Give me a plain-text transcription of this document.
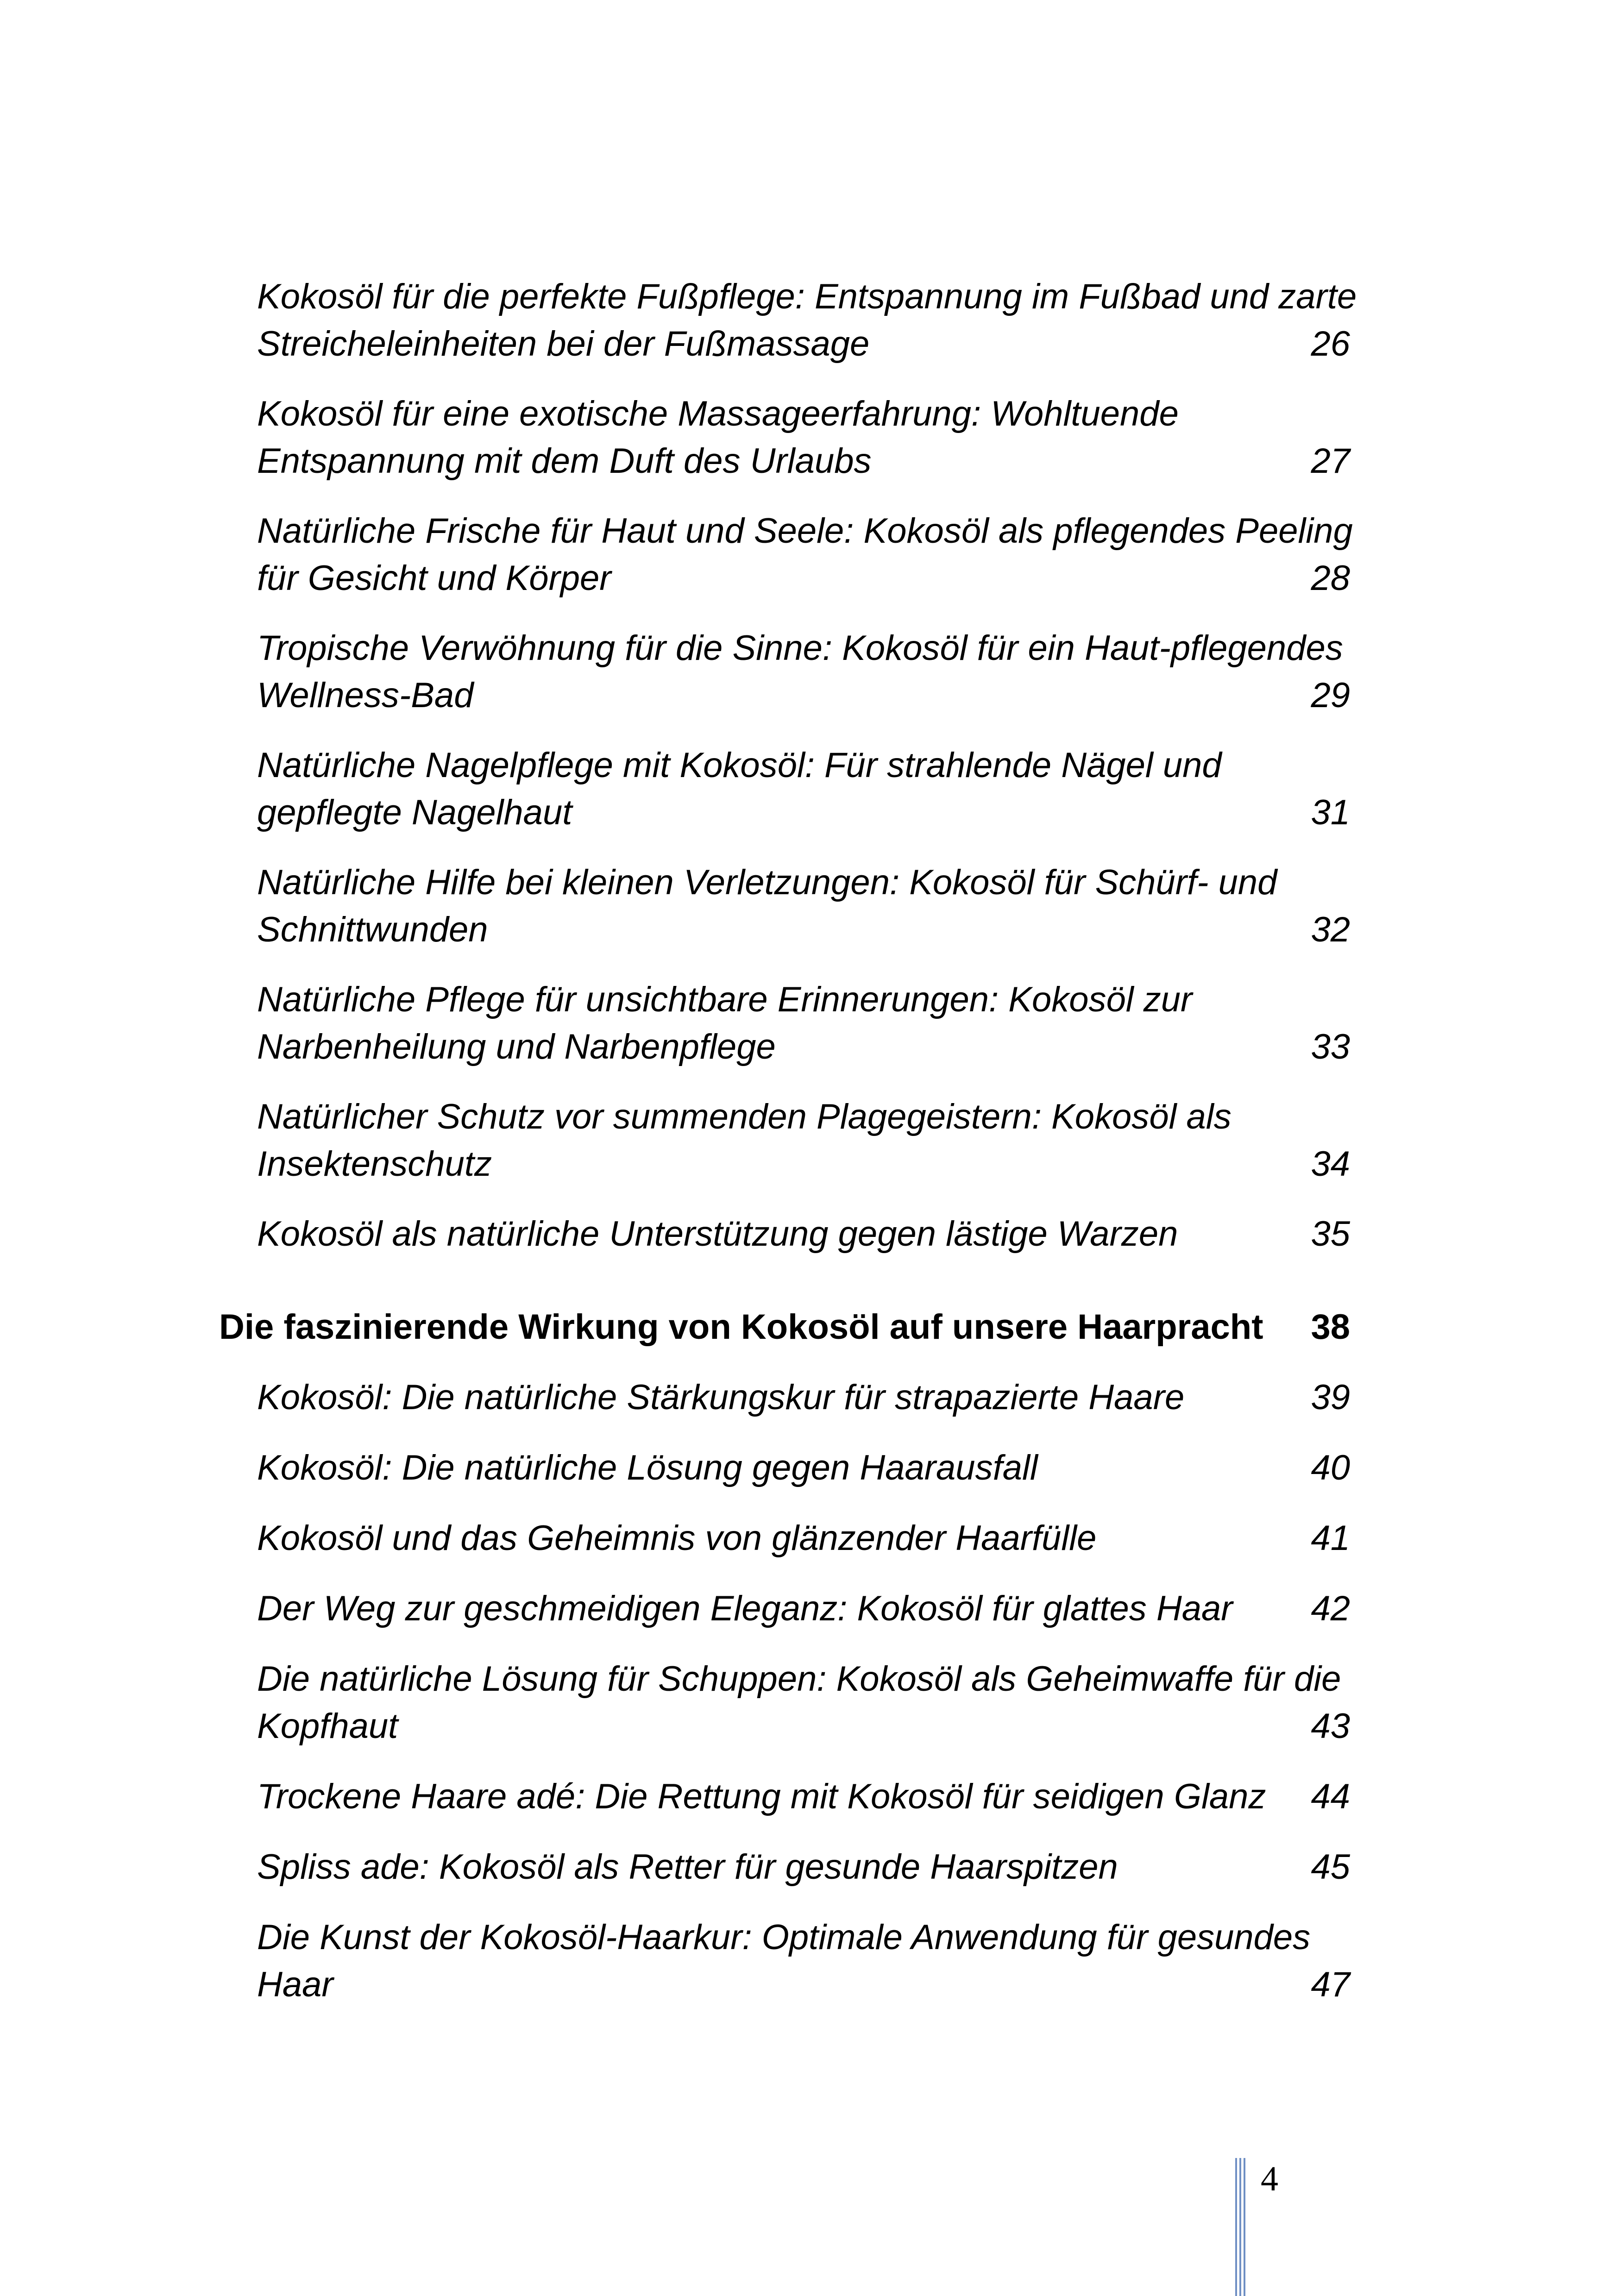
Kokosöl für die perfekte Fußpflege: Entspannung im Fußbad und zarte
Streicheleinheiten bei der Fußmassage	26
Kokosöl für eine exotische Massageerfahrung: Wohltuende
Entspannung mit dem Duft des Urlaubs	27
Natürliche Frische für Haut und Seele: Kokosöl als pflegendes Peeling
für Gesicht und Körper	28
Tropische Verwöhnung für die Sinne: Kokosöl für ein Haut-pflegendes
Wellness-Bad	29
Natürliche Nagelpflege mit Kokosöl: Für strahlende Nägel und
gepflegte Nagelhaut	31
Natürliche Hilfe bei kleinen Verletzungen: Kokosöl für Schürf- und
Schnittwunden	32
Natürliche Pflege für unsichtbare Erinnerungen: Kokosöl zur
Narbenheilung und Narbenpflege	33
Natürlicher Schutz vor summenden Plagegeistern: Kokosöl als
Insektenschutz	34
Kokosöl als natürliche Unterstützung gegen lästige Warzen	35
Die faszinierende Wirkung von Kokosöl auf unsere Haarpracht 38
Kokosöl: Die natürliche Stärkungskur für strapazierte Haare	39
Kokosöl: Die natürliche Lösung gegen Haarausfall	40
Kokosöl und das Geheimnis von glänzender Haarfülle	41
Der Weg zur geschmeidigen Eleganz: Kokosöl für glattes Haar 42
Die natürliche Lösung für Schuppen: Kokosöl als Geheimwaffe für die
Kopfhaut	43
Trockene Haare adé: Die Rettung mit Kokosöl für seidigen Glanz 44
Spliss ade: Kokosöl als Retter für gesunde Haarspitzen	45
Die Kunst der Kokosöl-Haarkur: Optimale Anwendung für gesundes
Haar	47
4
